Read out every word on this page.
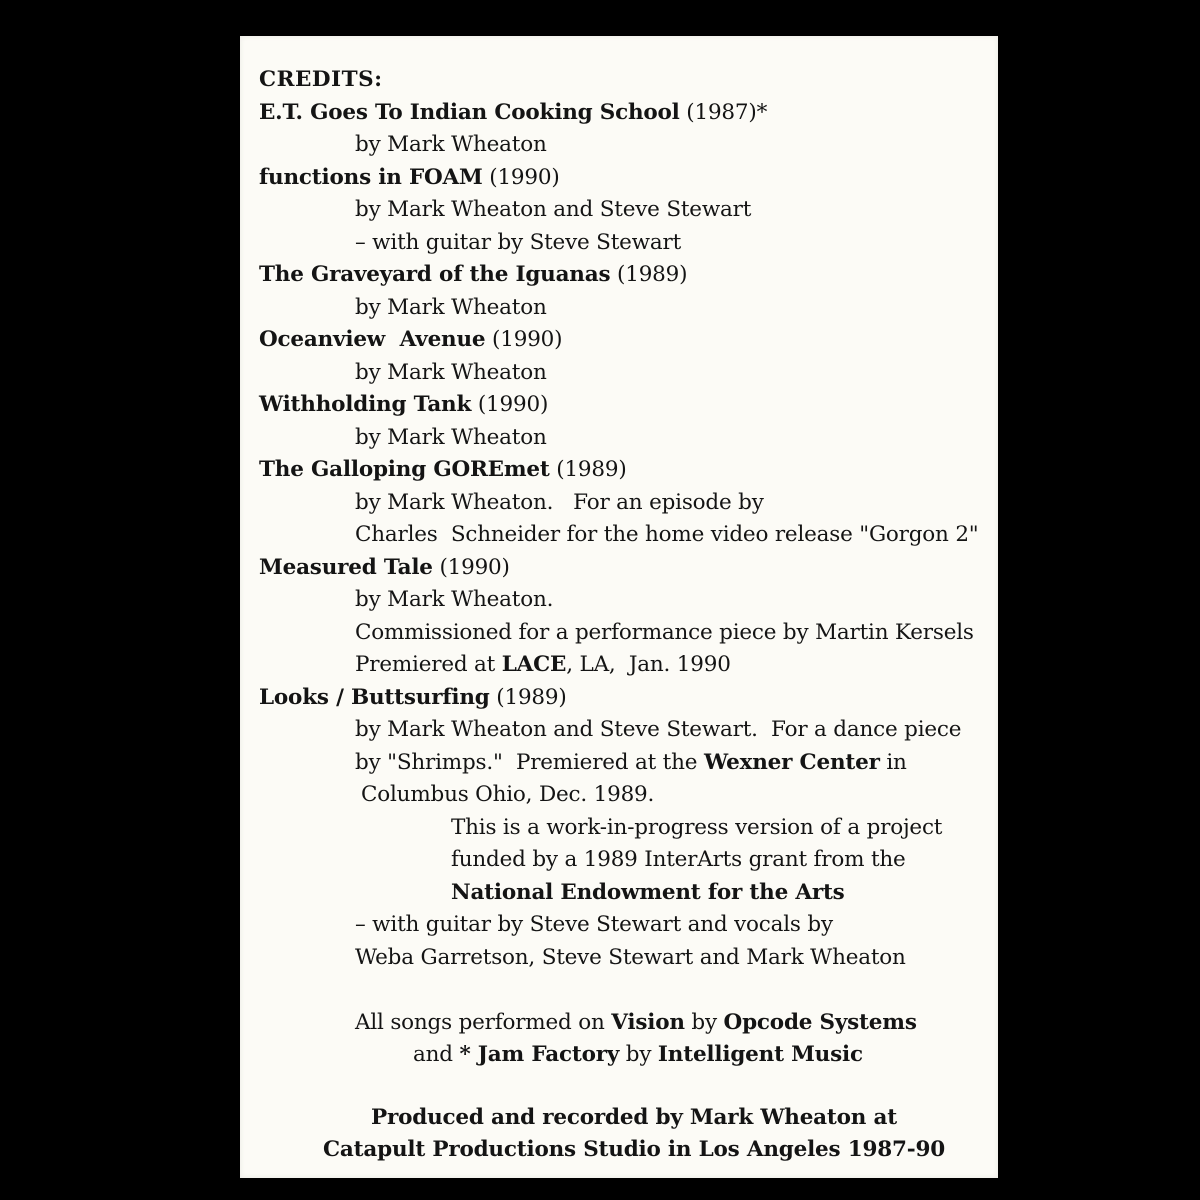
CREDITS:
E.T. Goes To Indian Cooking School (1987)*
by Mark Wheaton
functions in FOAM (1990)
by Mark Wheaton and Steve Stewart
– with guitar by Steve Stewart
The Graveyard of the Iguanas (1989)
by Mark Wheaton
Oceanview  Avenue (1990)
by Mark Wheaton
Withholding Tank (1990)
by Mark Wheaton
The Galloping GOREmet (1989)
by Mark Wheaton.   For an episode by
Charles  Schneider for the home video release "Gorgon 2"
Measured Tale (1990)
by Mark Wheaton.
Commissioned for a performance piece by Martin Kersels
Premiered at LACE, LA,  Jan. 1990
Looks / Buttsurfing (1989)
by Mark Wheaton and Steve Stewart.  For a dance piece
by "Shrimps."  Premiered at the Wexner Center in
Columbus Ohio, Dec. 1989.
This is a work-in-progress version of a project
funded by a 1989 InterArts grant from the
National Endowment for the Arts
– with guitar by Steve Stewart and vocals by
Weba Garretson, Steve Stewart and Mark Wheaton
All songs performed on Vision by Opcode Systems
and * Jam Factory by Intelligent Music
Produced and recorded by Mark Wheaton at
Catapult Productions Studio in Los Angeles 1987-90
